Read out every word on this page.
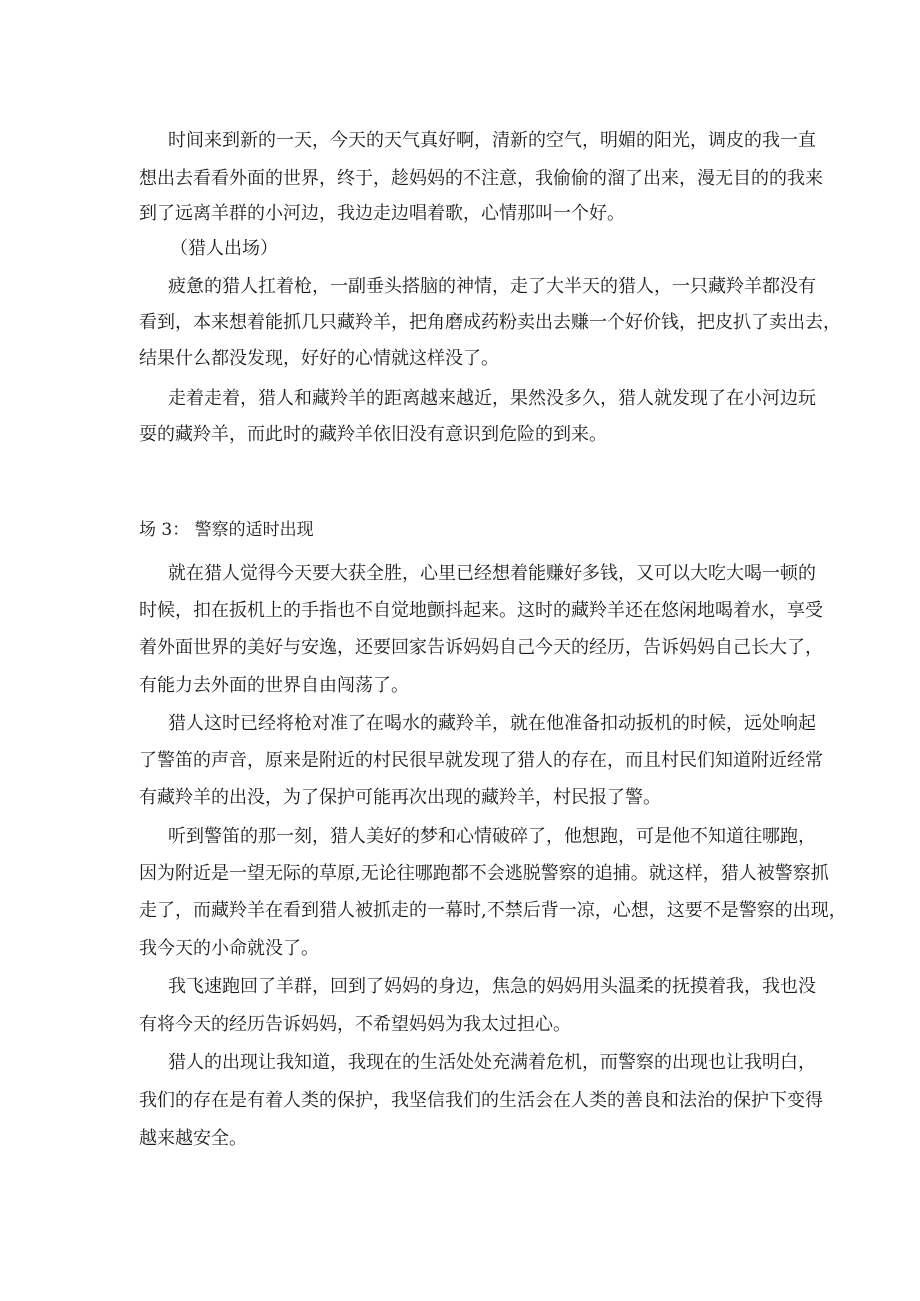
时间来到新的一天，今天的天气真好啊，清新的空气，明媚的阳光，调皮的我一直

想出去看看外面的世界，终于，趁妈妈的不注意，我偷偷的溜了出来，漫无目的的我来

到了远离羊群的小河边，我边走边唱着歌，心情那叫一个好。

（猎人出场）

疲惫的猎人扛着枪，一副垂头搭脑的神情，走了大半天的猎人，一只藏羚羊都没有

看到，本来想着能抓几只藏羚羊，把角磨成药粉卖出去赚一个好价钱，把皮扒了卖出去，

结果什么都没发现，好好的心情就这样没了。

走着走着，猎人和藏羚羊的距离越来越近，果然没多久，猎人就发现了在小河边玩

耍的藏羚羊，而此时的藏羚羊依旧没有意识到危险的到来。

场 3： 警察的适时出现

就在猎人觉得今天要大获全胜，心里已经想着能赚好多钱，又可以大吃大喝一顿的

时候，扣在扳机上的手指也不自觉地颤抖起来。这时的藏羚羊还在悠闲地喝着水，享受

着外面世界的美好与安逸，还要回家告诉妈妈自己今天的经历，告诉妈妈自己长大了，

有能力去外面的世界自由闯荡了。

猎人这时已经将枪对准了在喝水的藏羚羊，就在他准备扣动扳机的时候，远处响起

了警笛的声音，原来是附近的村民很早就发现了猎人的存在，而且村民们知道附近经常

有藏羚羊的出没，为了保护可能再次出现的藏羚羊，村民报了警。

听到警笛的那一刻，猎人美好的梦和心情破碎了，他想跑，可是他不知道往哪跑，

因为附近是一望无际的草原,无论往哪跑都不会逃脱警察的追捕。就这样，猎人被警察抓

走了，而藏羚羊在看到猎人被抓走的一幕时,不禁后背一凉，心想，这要不是警察的出现，

我今天的小命就没了。

我飞速跑回了羊群，回到了妈妈的身边，焦急的妈妈用头温柔的抚摸着我，我也没

有将今天的经历告诉妈妈，不希望妈妈为我太过担心。

猎人的出现让我知道，我现在的生活处处充满着危机，而警察的出现也让我明白，

我们的存在是有着人类的保护，我坚信我们的生活会在人类的善良和法治的保护下变得

越来越安全。
